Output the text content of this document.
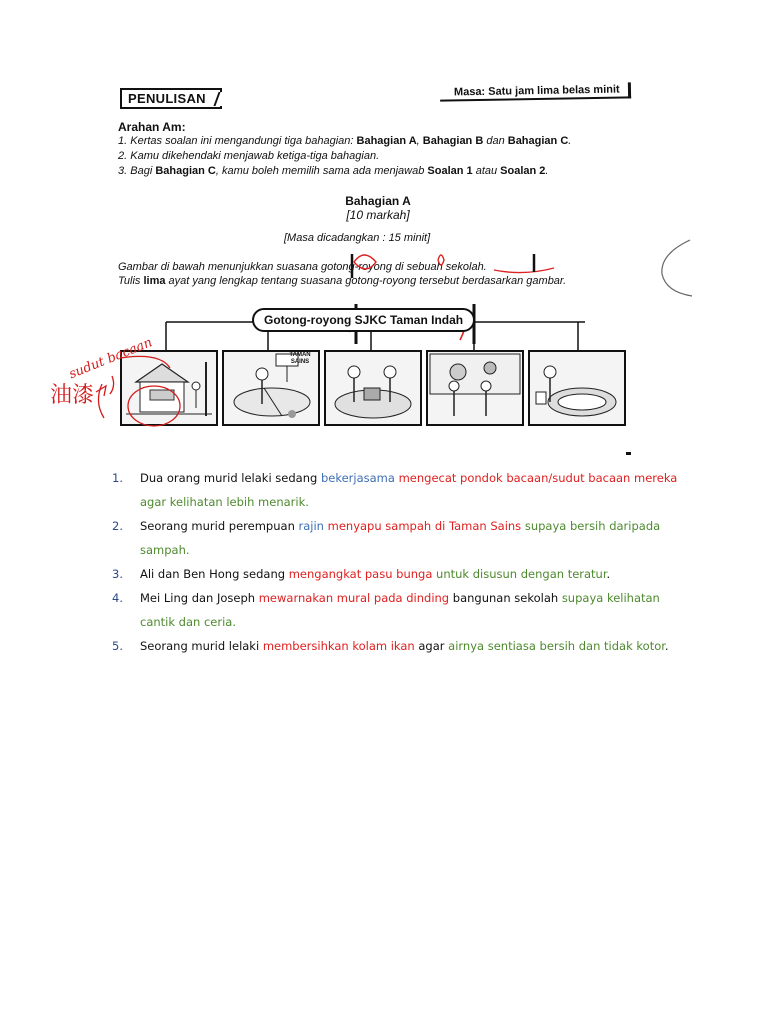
PENULISAN
Masa: Satu jam lima belas minit
Arahan Am:
1. Kertas soalan ini mengandungi tiga bahagian: Bahagian A, Bahagian B dan Bahagian C.
2. Kamu dikehendaki menjawab ketiga-tiga bahagian.
3. Bagi Bahagian C, kamu boleh memilih sama ada menjawab Soalan 1 atau Soalan 2.
Bahagian A
[10 markah]
[Masa dicadangkan : 15 minit]
Gambar di bawah menunjukkan suasana gotong-royong di sebuah sekolah.
Tulis lima ayat yang lengkap tentang suasana gotong-royong tersebut berdasarkan gambar.
Gotong-royong SJKC Taman Indah
TAMAN SAINS
sudut bacaan
油漆
1.	Dua orang murid lelaki sedang bekerjasama mengecat pondok bacaan/sudut bacaan mereka agar kelihatan lebih menarik.
2.	Seorang murid perempuan rajin menyapu sampah di Taman Sains supaya bersih daripada sampah.
3.	Ali dan Ben Hong sedang mengangkat pasu bunga untuk disusun dengan teratur.
4.	Mei Ling dan Joseph mewarnakan mural pada dinding bangunan sekolah supaya kelihatan cantik dan ceria.
5.	Seorang murid lelaki membersihkan kolam ikan agar airnya sentiasa bersih dan tidak kotor.
